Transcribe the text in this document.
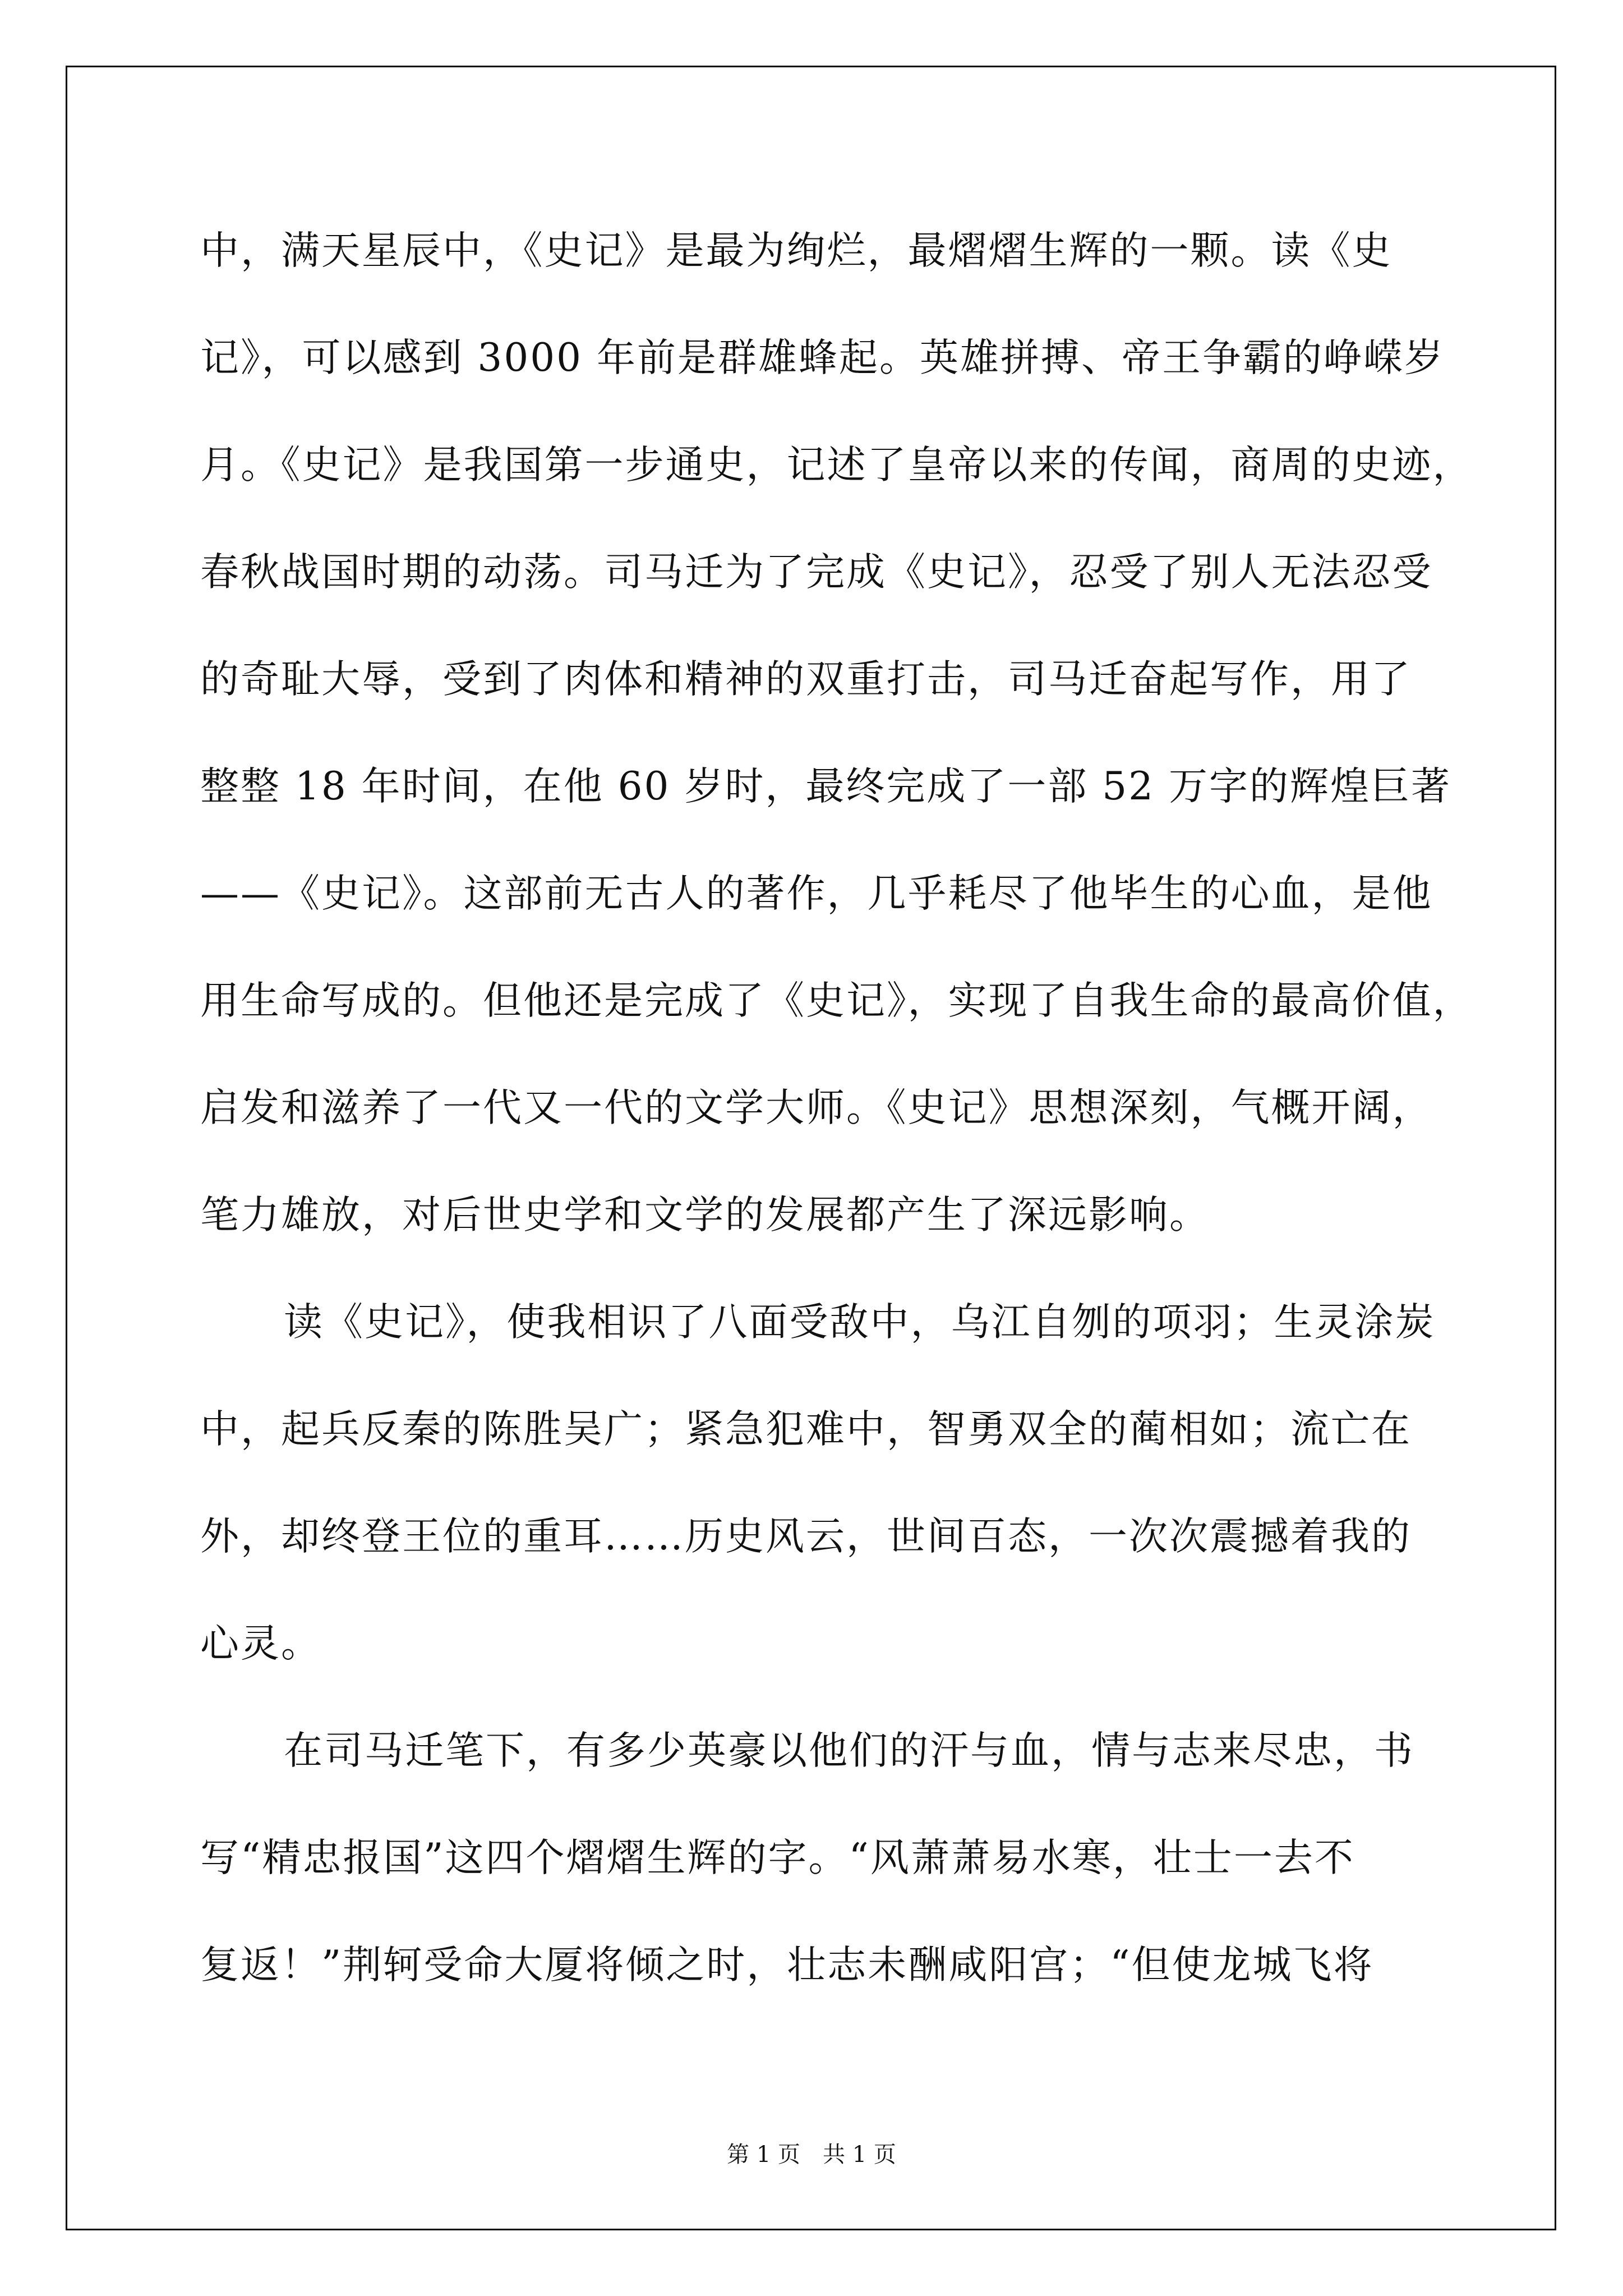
中，满天星辰中，《史记》是最为绚烂，最熠熠生辉的一颗。读《史

记》，可以感到 3000 年前是群雄蜂起。英雄拼搏、帝王争霸的峥嵘岁

月。《史记》是我国第一步通史，记述了皇帝以来的传闻，商周的史迹，

春秋战国时期的动荡。司马迁为了完成《史记》，忍受了别人无法忍受

的奇耻大辱，受到了肉体和精神的双重打击，司马迁奋起写作，用了

整整 18 年时间，在他 60 岁时，最终完成了一部 52 万字的辉煌巨著

——《史记》。这部前无古人的著作，几乎耗尽了他毕生的心血，是他

用生命写成的。但他还是完成了《史记》，实现了自我生命的最高价值，

启发和滋养了一代又一代的文学大师。《史记》思想深刻，气概开阔，

笔力雄放，对后世史学和文学的发展都产生了深远影响。

读《史记》，使我相识了八面受敌中，乌江自刎的项羽；生灵涂炭

中，起兵反秦的陈胜吴广；紧急犯难中，智勇双全的蔺相如；流亡在

外，却终登王位的重耳……历史风云，世间百态，一次次震撼着我的

心灵。

在司马迁笔下，有多少英豪以他们的汗与血，情与志来尽忠，书

写“精忠报国”这四个熠熠生辉的字。“风萧萧易水寒，壮士一去不

复返！”荆轲受命大厦将倾之时，壮志未酬咸阳宫；“但使龙城飞将

第 1 页　共 1 页
